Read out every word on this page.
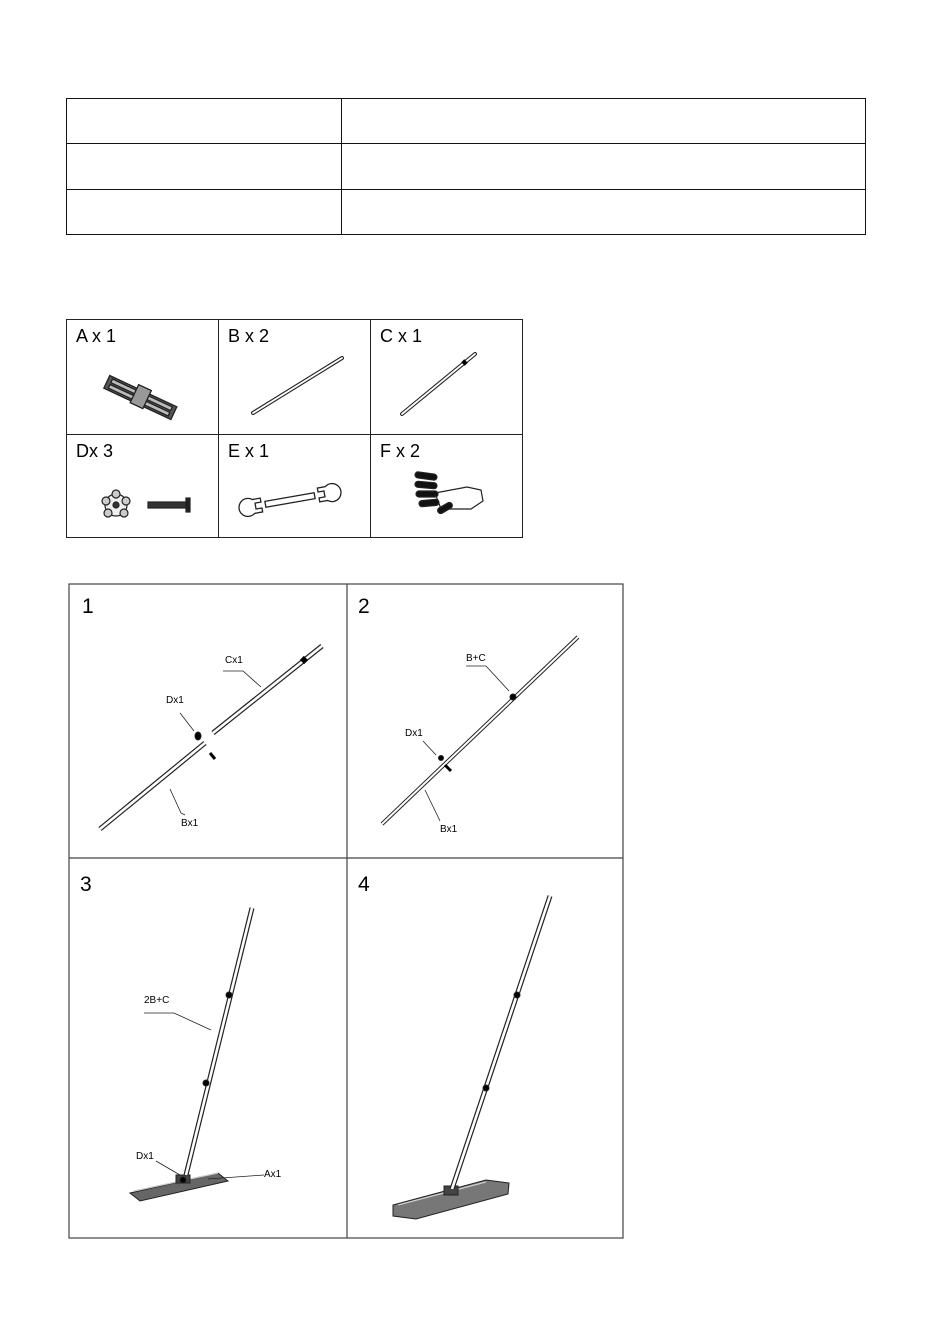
A x 1	B x 2	C x 1

Dx 3	E x 1	F x 2
1
Cx1
Dx1
Bx1
2
B+C
Dx1
Bx1
3
2B+C
Dx1
Ax1
4
